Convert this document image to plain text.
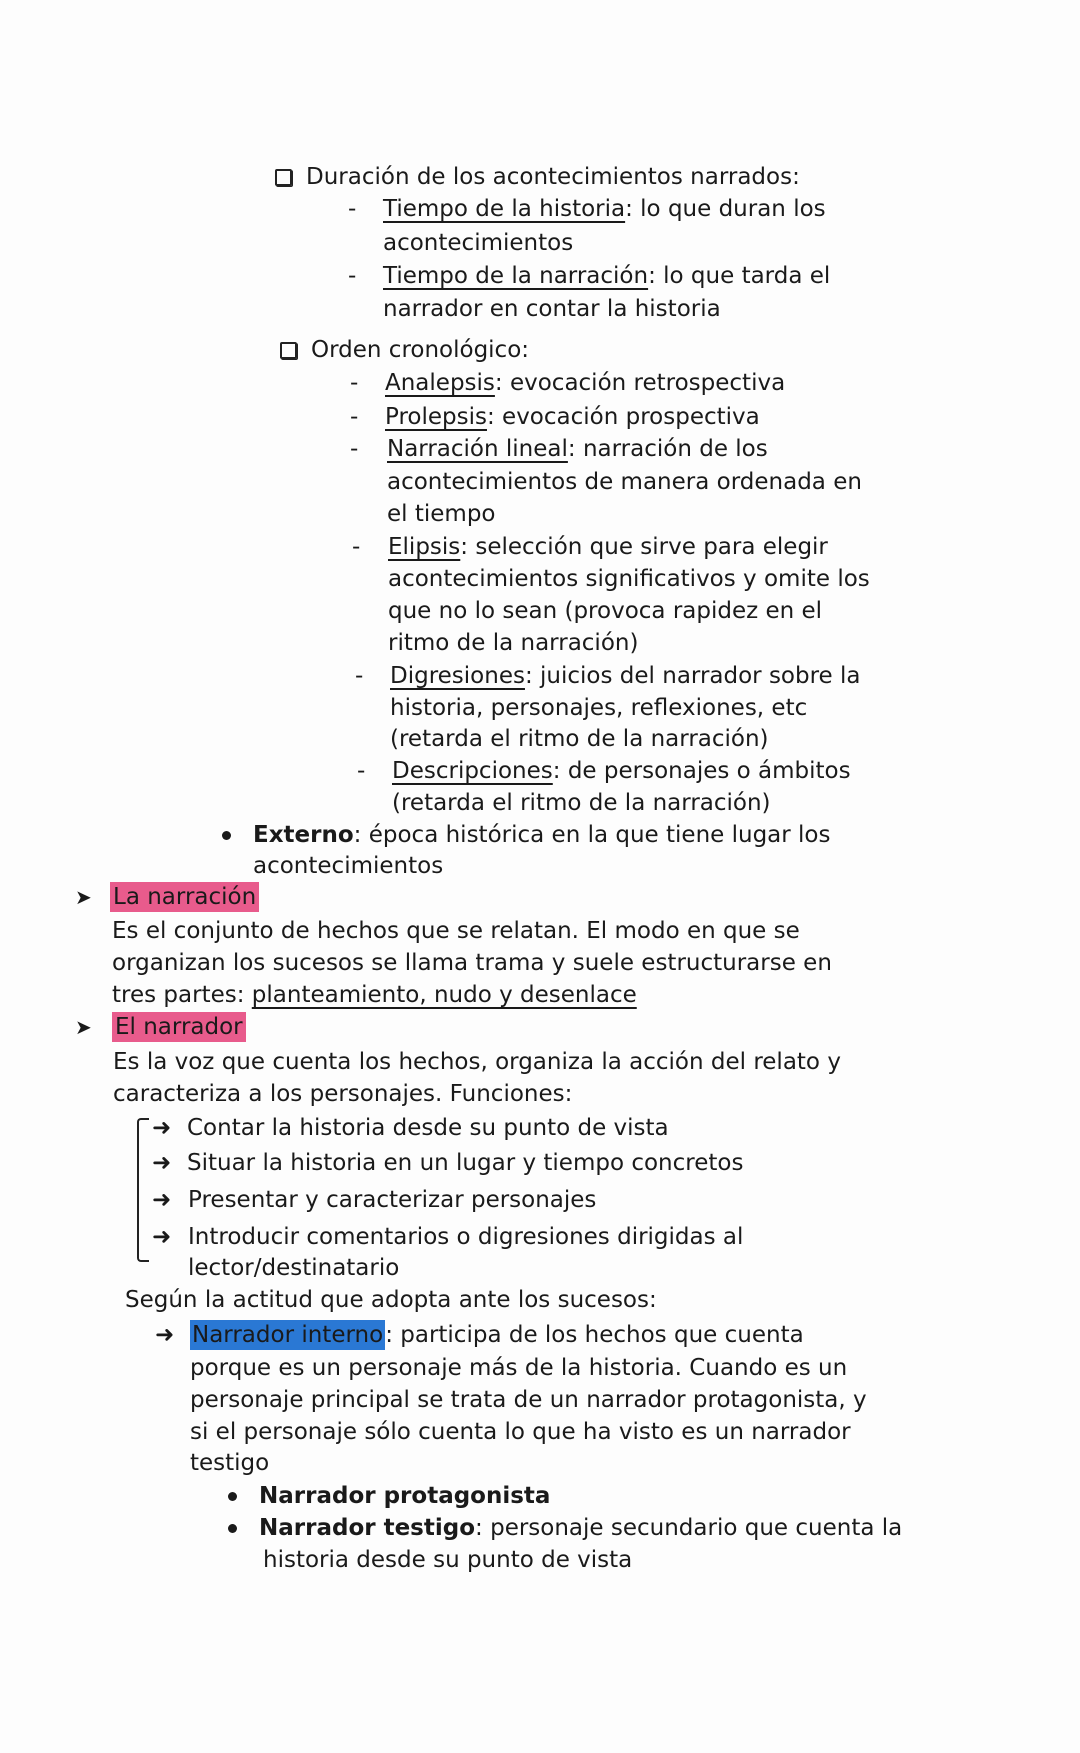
Duración de los acontecimientos narrados:
- Tiempo de la historia: lo que duran los
acontecimientos
- Tiempo de la narración: lo que tarda el
narrador en contar la historia
Orden cronológico:
- Analepsis: evocación retrospectiva
- Prolepsis: evocación prospectiva
- Narración lineal: narración de los
acontecimientos de manera ordenada en
el tiempo
- Elipsis: selección que sirve para elegir
acontecimientos significativos y omite los
que no lo sean (provoca rapidez en el
ritmo de la narración)
- Digresiones: juicios del narrador sobre la
historia, personajes, reflexiones, etc
(retarda el ritmo de la narración)
- Descripciones: de personajes o ámbitos
(retarda el ritmo de la narración)
Externo: época histórica en la que tiene lugar los
acontecimientos
➤ La narración
Es el conjunto de hechos que se relatan. El modo en que se
organizan los sucesos se llama trama y suele estructurarse en
tres partes: planteamiento, nudo y desenlace
➤ El narrador
Es la voz que cuenta los hechos, organiza la acción del relato y
caracteriza a los personajes. Funciones:
➜ Contar la historia desde su punto de vista
➜ Situar la historia en un lugar y tiempo concretos
➜ Presentar y caracterizar personajes
➜ Introducir comentarios o digresiones dirigidas al
lector/destinatario
Según la actitud que adopta ante los sucesos:
➜ Narrador interno: participa de los hechos que cuenta
porque es un personaje más de la historia. Cuando es un
personaje principal se trata de un narrador protagonista, y
si el personaje sólo cuenta lo que ha visto es un narrador
testigo
Narrador protagonista
Narrador testigo: personaje secundario que cuenta la
historia desde su punto de vista
